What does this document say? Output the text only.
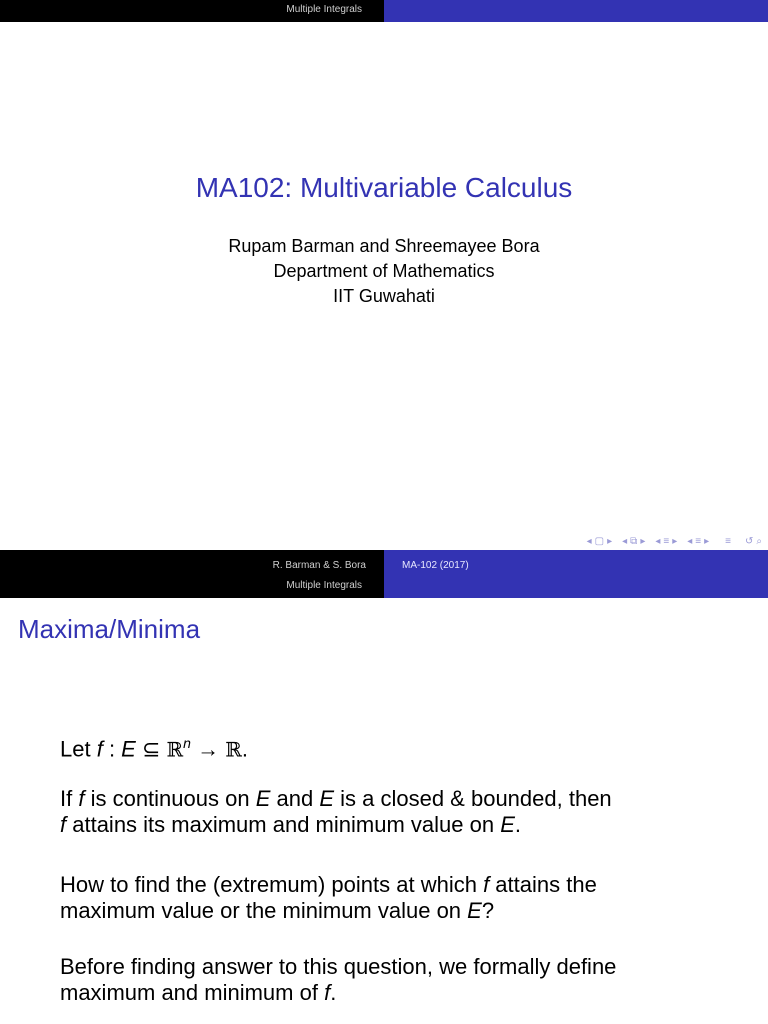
Multiple Integrals
MA102: Multivariable Calculus
Rupam Barman and Shreemayee Bora
Department of Mathematics
IIT Guwahati
◂ ▢ ▸ ◂ ⧉ ▸ ◂ ≡ ▸ ◂ ≡ ▸ ≡ ↺ ⌕
R. Barman & S. Bora
Multiple Integrals
MA-102 (2017)
Maxima/Minima
Let f : E ⊆ ℝ$^n$ → ℝ.
If f is continuous on E and E is a closed & bounded, then
f attains its maximum and minimum value on E.
How to find the (extremum) points at which f attains the
maximum value or the minimum value on E?
Before finding answer to this question, we formally define
maximum and minimum of f.
